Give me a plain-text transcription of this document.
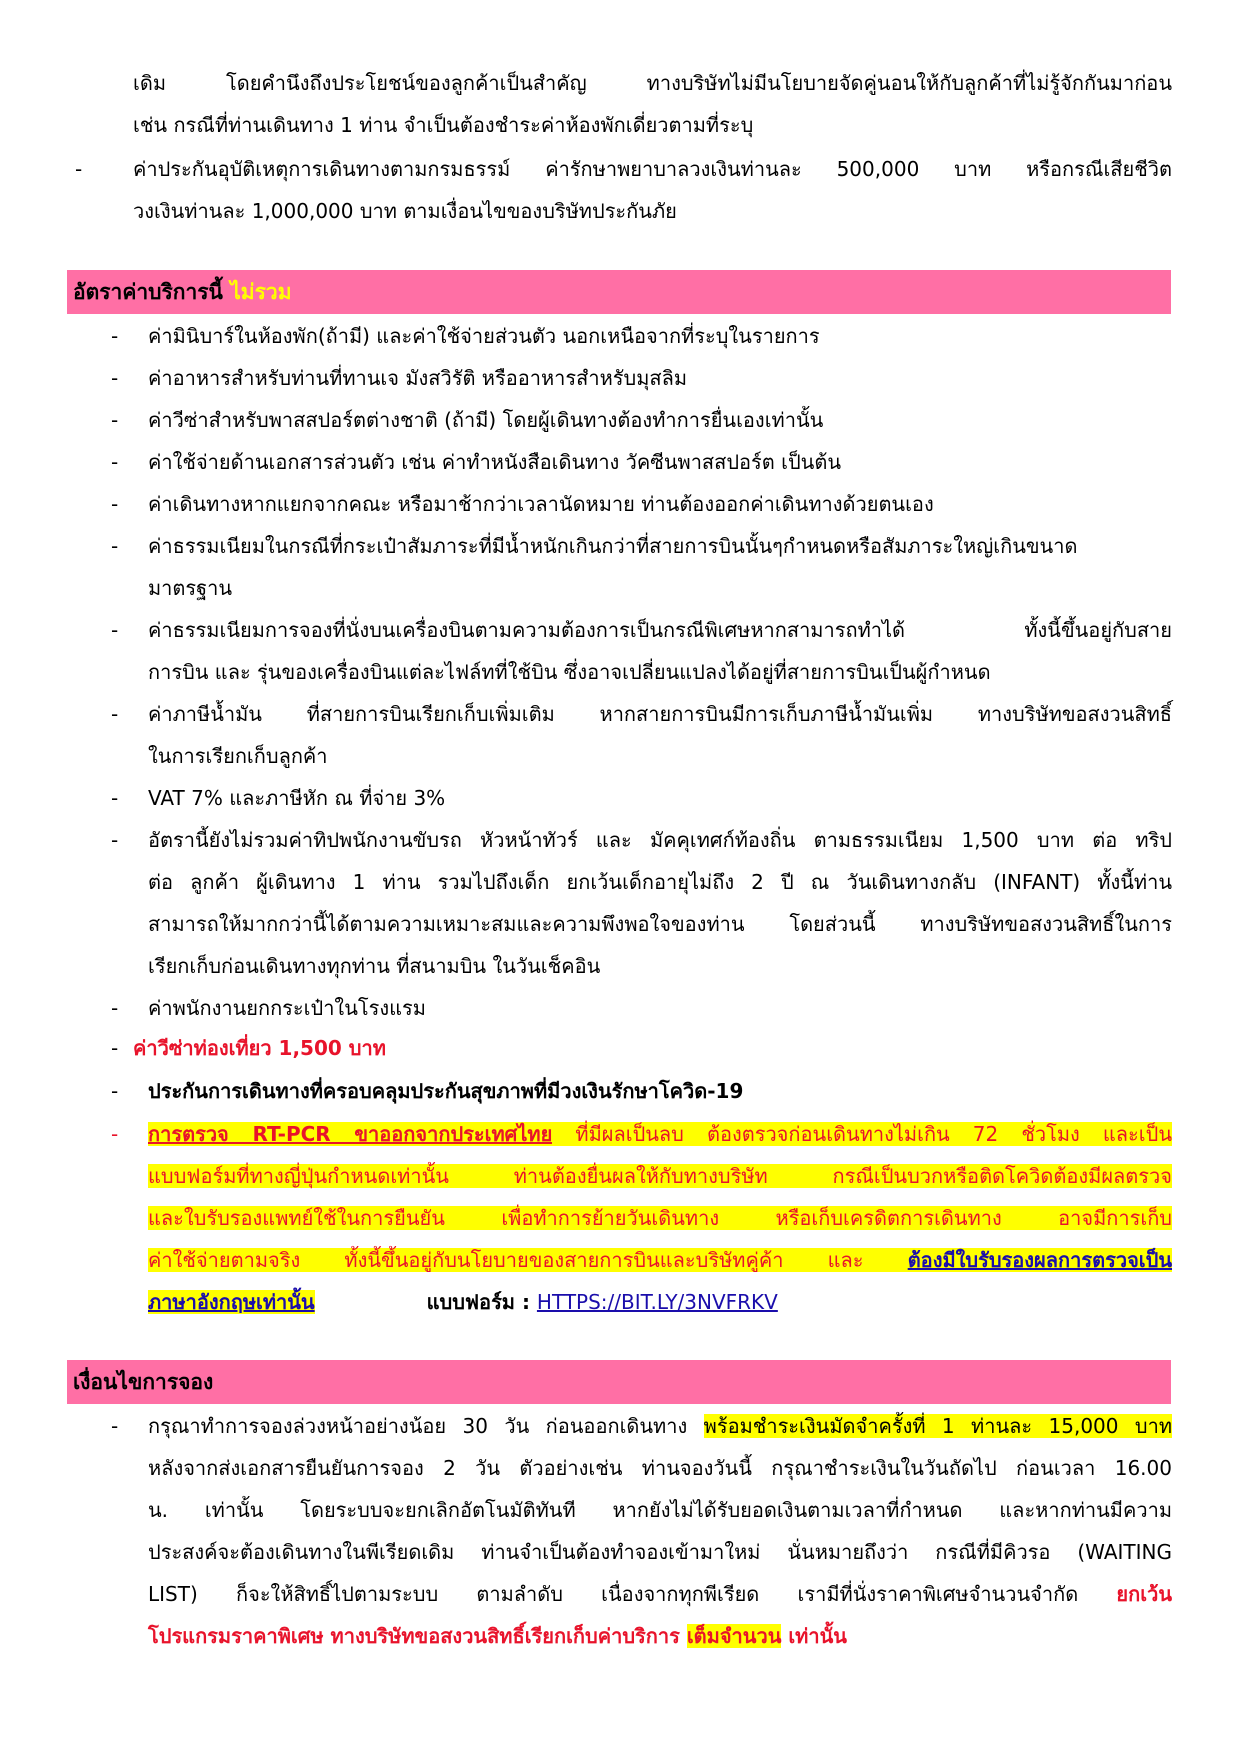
เดิม โดยคำนึงถึงประโยชน์ของลูกค้าเป็นสำคัญ ทางบริษัทไม่มีนโยบายจัดคู่นอนให้กับลูกค้าที่ไม่รู้จักกันมาก่อน
เช่น กรณีที่ท่านเดินทาง 1 ท่าน จำเป็นต้องชำระค่าห้องพักเดี่ยวตามที่ระบุ

-	ค่าประกันอุบัติเหตุการเดินทางตามกรมธรรม์ ค่ารักษาพยาบาลวงเงินท่านละ 500,000 บาท หรือกรณีเสียชีวิต
วงเงินท่านละ 1,000,000 บาท ตามเงื่อนไขของบริษัทประกันภัย

อัตราค่าบริการนี้ ไม่รวม
- ค่ามินิบาร์ในห้องพัก(ถ้ามี) และค่าใช้จ่ายส่วนตัว นอกเหนือจากที่ระบุในรายการ

- ค่าอาหารสำหรับท่านที่ทานเจ มังสวิรัติ หรืออาหารสำหรับมุสลิม

- ค่าวีซ่าสำหรับพาสสปอร์ตต่างชาติ (ถ้ามี) โดยผู้เดินทางต้องทำการยื่นเองเท่านั้น

- ค่าใช้จ่ายด้านเอกสารส่วนตัว เช่น ค่าทำหนังสือเดินทาง วัคซีนพาสสปอร์ต เป็นต้น

- ค่าเดินทางหากแยกจากคณะ หรือมาช้ากว่าเวลานัดหมาย ท่านต้องออกค่าเดินทางด้วยตนเอง

- ค่าธรรมเนียมในกรณีที่กระเป๋าสัมภาระที่มีน้ำหนักเกินกว่าที่สายการบินนั้นๆกำหนดหรือสัมภาระใหญ่เกินขนาด
มาตรฐาน

- ค่าธรรมเนียมการจองที่นั่งบนเครื่องบินตามความต้องการเป็นกรณีพิเศษหากสามารถทำได้ ทั้งนี้ขึ้นอยู่กับสาย
การบิน และ รุ่นของเครื่องบินแต่ละไฟล์ทที่ใช้บิน ซึ่งอาจเปลี่ยนแปลงได้อยู่ที่สายการบินเป็นผู้กำหนด

- ค่าภาษีน้ำมัน ที่สายการบินเรียกเก็บเพิ่มเติม หากสายการบินมีการเก็บภาษีน้ำมันเพิ่ม ทางบริษัทขอสงวนสิทธิ์
ในการเรียกเก็บลูกค้า

- VAT 7% และภาษีหัก ณ ที่จ่าย 3%

- อัตรานี้ยังไม่รวมค่าทิปพนักงานขับรถ หัวหน้าทัวร์ และ มัคคุเทศก์ท้องถิ่น ตามธรรมเนียม 1,500 บาท ต่อ ทริป
ต่อ ลูกค้า ผู้เดินทาง 1 ท่าน รวมไปถึงเด็ก ยกเว้นเด็กอายุไม่ถึง 2 ปี ณ วันเดินทางกลับ (INFANT) ทั้งนี้ท่าน
สามารถให้มากกว่านี้ได้ตามความเหมาะสมและความพึงพอใจของท่าน โดยส่วนนี้ ทางบริษัทขอสงวนสิทธิ์ในการ
เรียกเก็บก่อนเดินทางทุกท่าน ที่สนามบิน ในวันเช็คอิน

- ค่าพนักงานยกกระเป๋าในโรงแรม

- ค่าวีซ่าท่องเที่ยว 1,500 บาท

- ประกันการเดินทางที่ครอบคลุมประกันสุขภาพที่มีวงเงินรักษาโควิด-19

- การตรวจ RT-PCR ขาออกจากประเทศไทย ที่มีผลเป็นลบ ต้องตรวจก่อนเดินทางไม่เกิน 72 ชั่วโมง และเป็น
แบบฟอร์มที่ทางญี่ปุ่นกำหนดเท่านั้น ท่านต้องยื่นผลให้กับทางบริษัท กรณีเป็นบวกหรือติดโควิดต้องมีผลตรวจ
และใบรับรองแพทย์ใช้ในการยืนยัน เพื่อทำการย้ายวันเดินทาง หรือเก็บเครดิตการเดินทาง อาจมีการเก็บ
ค่าใช้จ่ายตามจริง ทั้งนี้ขึ้นอยู่กับนโยบายของสายการบินและบริษัทคู่ค้า และ ต้องมีใบรับรองผลการตรวจเป็น
ภาษาอังกฤษเท่านั้น	แบบฟอร์ม : HTTPS://BIT.LY/3NVFRKV

เงื่อนไขการจอง
- กรุณาทำการจองล่วงหน้าอย่างน้อย 30 วัน ก่อนออกเดินทาง พร้อมชำระเงินมัดจำครั้งที่ 1 ท่านละ 15,000 บาท
หลังจากส่งเอกสารยืนยันการจอง 2 วัน ตัวอย่างเช่น ท่านจองวันนี้ กรุณาชำระเงินในวันถัดไป ก่อนเวลา 16.00
น. เท่านั้น โดยระบบจะยกเลิกอัตโนมัติทันที หากยังไม่ได้รับยอดเงินตามเวลาที่กำหนด และหากท่านมีความ
ประสงค์จะต้องเดินทางในพีเรียดเดิม ท่านจำเป็นต้องทำจองเข้ามาใหม่ นั่นหมายถึงว่า กรณีที่มีคิวรอ (WAITING
LIST) ก็จะให้สิทธิ์ไปตามระบบ ตามลำดับ เนื่องจากทุกพีเรียด เรามีที่นั่งราคาพิเศษจำนวนจำกัด ยกเว้น
โปรแกรมราคาพิเศษ ทางบริษัทขอสงวนสิทธิ์เรียกเก็บค่าบริการ เต็มจำนวน เท่านั้น
